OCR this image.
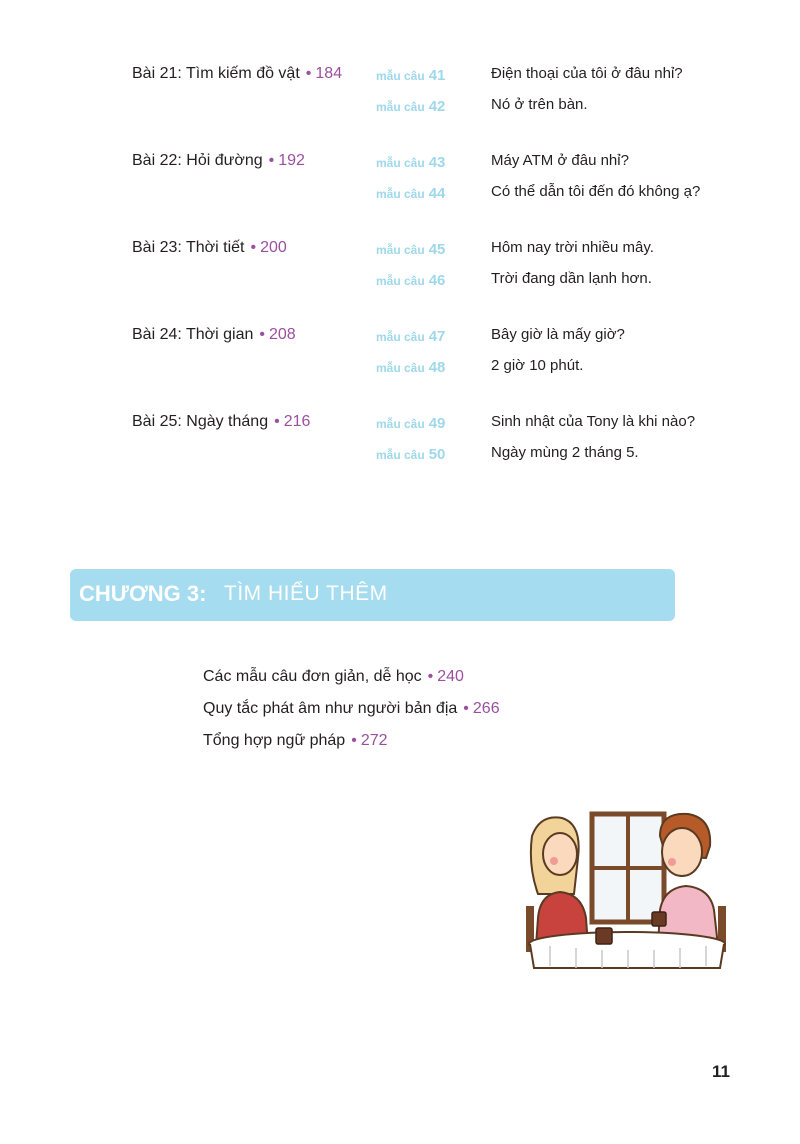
Bài 21: Tìm kiếm đồ vật • 184	mẫu câu 41	Điện thoại của tôi ở đâu nhỉ?
mẫu câu 42	Nó ở trên bàn.
Bài 22: Hỏi đường • 192	mẫu câu 43	Máy ATM ở đâu nhỉ?
mẫu câu 44	Có thể dẫn tôi đến đó không ạ?
Bài 23: Thời tiết • 200	mẫu câu 45	Hôm nay trời nhiều mây.
mẫu câu 46	Trời đang dần lạnh hơn.
Bài 24: Thời gian • 208	mẫu câu 47	Bây giờ là mấy giờ?
mẫu câu 48	2 giờ 10 phút.
Bài 25: Ngày tháng • 216	mẫu câu 49	Sinh nhật của Tony là khi nào?
mẫu câu 50	Ngày mùng 2 tháng 5.
CHƯƠNG 3: TÌM HIỂU THÊM
Các mẫu câu đơn giản, dễ học • 240
Quy tắc phát âm như người bản địa • 266
Tổng hợp ngữ pháp • 272
11
